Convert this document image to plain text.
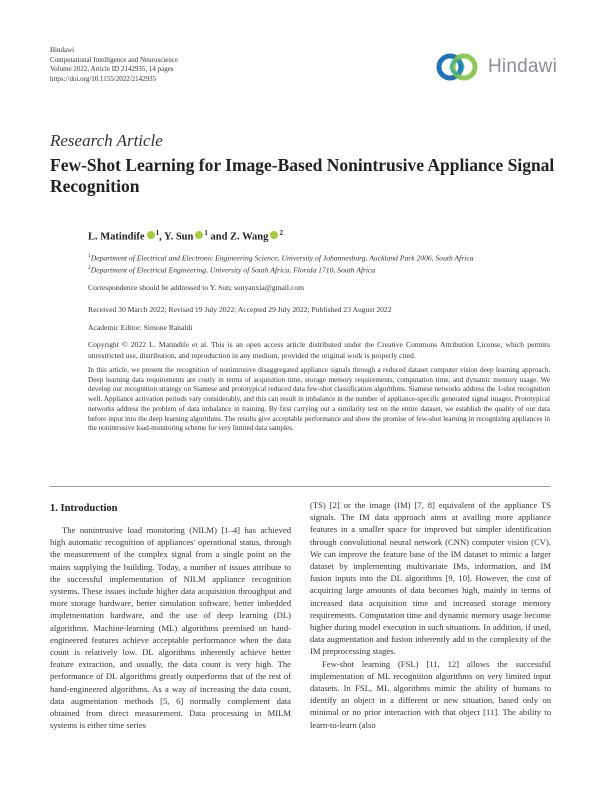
Hindawi
Computational Intelligence and Neuroscience
Volume 2022, Article ID 2142935, 14 pages
https://doi.org/10.1155/2022/2142935
Hindawi
Research Article
Few-Shot Learning for Image-Based Nonintrusive Appliance Signal Recognition
L. Matindife $^1$, Y. Sun $^1$ and Z. Wang $^2$
$^1$Department of Electrical and Electronic Engineering Science, University of Johannesburg, Auckland Park 2006, South Africa
$^2$Department of Electrical Engineering, University of South Africa, Florida 1710, South Africa
Correspondence should be addressed to Y. Sun; sunyanxia@gmail.com
Received 30 March 2022; Revised 19 July 2022; Accepted 29 July 2022; Published 23 August 2022
Academic Editor: Simone Ranaldi
Copyright © 2022 L. Matindife et al. This is an open access article distributed under the Creative Commons Attribution License, which permits unrestricted use, distribution, and reproduction in any medium, provided the original work is properly cited.
In this article, we present the recognition of nonintrusive disaggregated appliance signals through a reduced dataset computer vision deep learning approach. Deep learning data requirements are costly in terms of acquisition time, storage memory requirements, computation time, and dynamic memory usage. We develop our recognition strategy on Siamese and prototypical reduced data few-shot classification algorithms. Siamese networks address the 1-shot recognition well. Appliance activation periods vary considerably, and this can result in imbalance in the number of appliance-specific generated signal images. Prototypical networks address the problem of data imbalance in training. By first carrying out a similarity test on the entire dataset, we establish the quality of our data before input into the deep learning algorithms. The results give acceptable performance and show the promise of few-shot learning in recognizing appliances in the nonintrusive load-monitoring scheme for very limited data samples.
1. Introduction

The nonintrusive load monitoring (NILM) [1–4] has achieved high automatic recognition of appliances' operational status, through the measurement of the complex signal from a single point on the mains supplying the building. Today, a number of issues attribute to the successful implementation of NILM appliance recognition systems. These issues include higher data acquisition throughput and more storage hardware, better simulation software, better imbedded implementation hardware, and the use of deep learning (DL) algorithms. Machine-learning (ML) algorithms premised on hand-engineered features achieve acceptable performance when the data count is relatively low. DL algorithms inherently achieve better feature extraction, and usually, the data count is very high. The performance of DL algorithms greatly outperforms that of the rest of hand-engineered algorithms. As a way of increasing the data count, data augmentation methods [5, 6] normally complement data obtained from direct measurement. Data processing in MILM systems is either time series

(TS) [2] or the image (IM) [7, 8] equivalent of the appliance TS signals. The IM data approach aims at availing more appliance features in a smaller space for improved but simpler identification through convolutional neural network (CNN) computer vision (CV). We can improve the feature base of the IM dataset to mimic a larger dataset by implementing multivariate IMs, information, and IM fusion inputs into the DL algorithms [9, 10]. However, the cost of acquiring large amounts of data becomes high, mainly in terms of increased data acquisition time and increased storage memory requirements. Computation time and dynamic memory usage become higher during model execution in such situations. In addition, if used, data augmentation and fusion inherently add to the complexity of the IM preprocessing stages.

Few-shot learning (FSL) [11, 12] allows the successful implementation of ML recognition algorithms on very limited input datasets. In FSL, ML algorithms mimic the ability of humans to identify an object in a different or new situation, based only on minimal or no prior interaction with that object [11]. The ability to learn-to-learn (also
